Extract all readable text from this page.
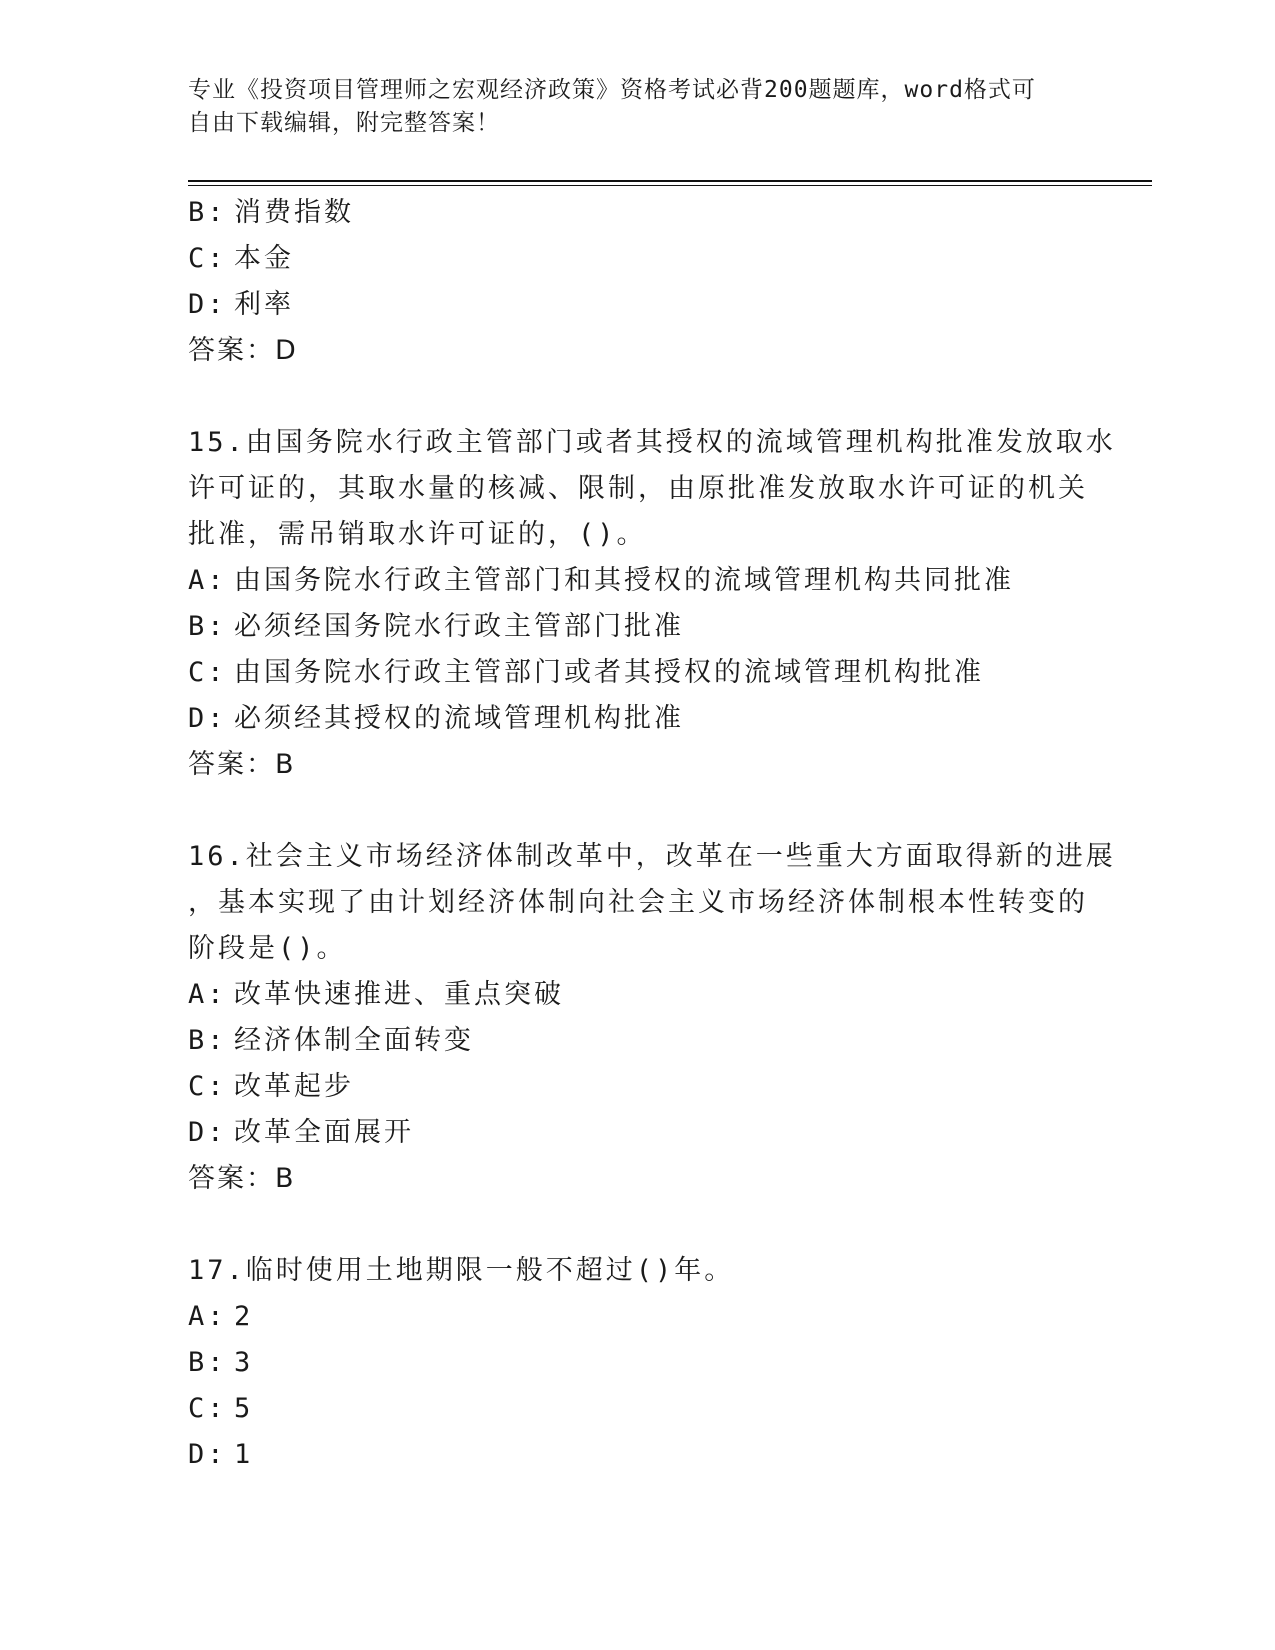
专业《投资项目管理师之宏观经济政策》资格考试必背200题题库，word格式可
自由下载编辑，附完整答案！
B: 消费指数
C: 本金
D: 利率
答案：D
15.由国务院水行政主管部门或者其授权的流域管理机构批准发放取水
许可证的，其取水量的核减、限制，由原批准发放取水许可证的机关
批准，需吊销取水许可证的，()。
A: 由国务院水行政主管部门和其授权的流域管理机构共同批准
B: 必须经国务院水行政主管部门批准
C: 由国务院水行政主管部门或者其授权的流域管理机构批准
D: 必须经其授权的流域管理机构批准
答案：B
16.社会主义市场经济体制改革中，改革在一些重大方面取得新的进展
，基本实现了由计划经济体制向社会主义市场经济体制根本性转变的
阶段是()。
A: 改革快速推进、重点突破
B: 经济体制全面转变
C: 改革起步
D: 改革全面展开
答案：B
17.临时使用土地期限一般不超过()年。
A: 2
B: 3
C: 5
D: 1
